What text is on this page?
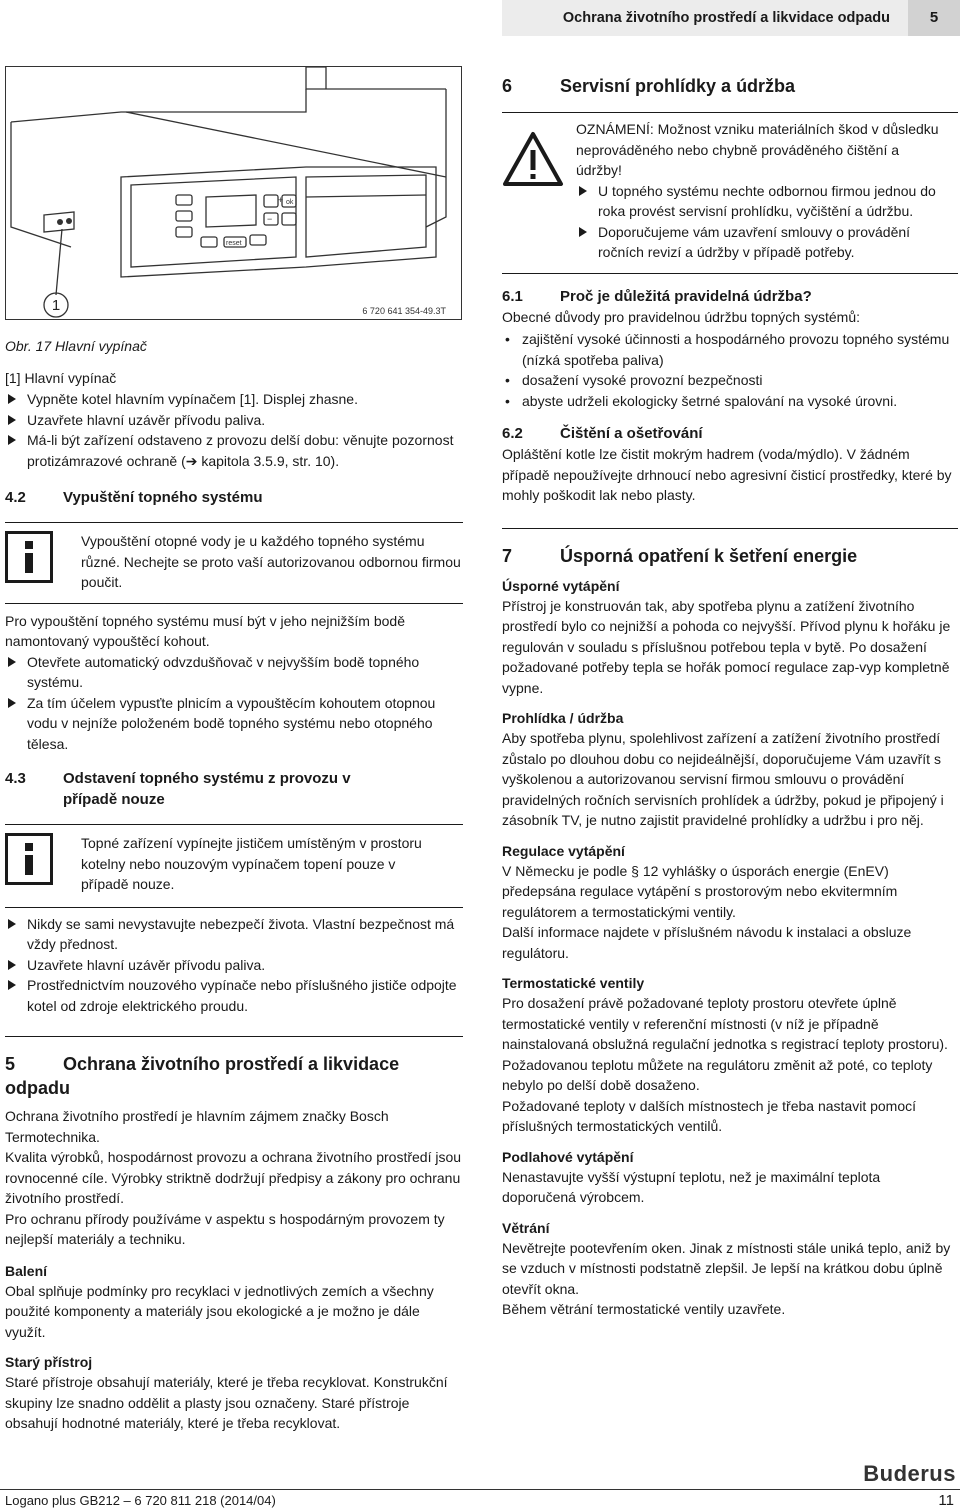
Ochrana životního prostředí a likvidace odpadu	5
1
+ ok
−
reset
6 720 641 354-49.3T

Obr. 17 Hlavní vypínač

[1] Hlavní vypínač

Vypněte kotel hlavním vypínačem [1]. Displej zhasne.
Uzavřete hlavní uzávěr přívodu paliva.
Má-li být zařízení odstaveno z provozu delší dobu: věnujte pozornost protizámrazové ochraně (➔ kapitola 3.5.9, str. 10).
4.2 Vypuštění topného systému

Vypouštění otopné vody je u každého topného systému různé. Nechejte se proto vaší autorizovanou odbornou firmou poučit.

Pro vypouštění topného systému musí být v jeho nejnižším bodě namontovaný vypouštěcí kohout.

Otevřete automatický odvzdušňovač v nejvyšším bodě topného systému.
Za tím účelem vypusťte plnicím a vypouštěcím kohoutem otopnou vodu v nejníže položeném bodě topného systému nebo otopného tělesa.
4.3	Odstavení topného systému z provozu v případě nouze

Topné zařízení vypínejte jističem umístěným v prostoru kotelny nebo nouzovým vypínačem topení pouze v případě nouze.

Nikdy se sami nevystavujte nebezpečí života. Vlastní bezpečnost má vždy přednost.
Uzavřete hlavní uzávěr přívodu paliva.
Prostřednictvím nouzového vypínače nebo příslušného jističe odpojte kotel od zdroje elektrického proudu.
5	Ochrana životního prostředí a likvidace odpadu

Ochrana životního prostředí je hlavním zájmem značky Bosch Termotechnika.

Kvalita výrobků, hospodárnost provozu a ochrana životního prostředí jsou rovnocenné cíle. Výrobky striktně dodržují předpisy a zákony pro ochranu životního prostředí.

Pro ochranu přírody používáme v aspektu s hospodárným provozem ty nejlepší materiály a techniku.

Balení

Obal splňuje podmínky pro recyklaci v jednotlivých zemích a všechny použité komponenty a materiály jsou ekologické a je možno je dále využít.

Starý přístroj

Staré přístroje obsahují materiály, které je třeba recyklovat. Konstrukční skupiny lze snadno oddělit a plasty jsou označeny. Staré přístroje obsahují hodnotné materiály, které je třeba recyklovat.

6	Servisní prohlídky a údržba

OZNÁMENÍ: Možnost vzniku materiálních škod v důsledku neprováděného nebo chybně prováděného čištění a údržby!

U topného systému nechte odbornou firmou jednou do roka provést servisní prohlídku, vyčištění a údržbu.
Doporučujeme vám uzavření smlouvy o provádění ročních revizí a údržby v případě potřeby.
6.1 Proč je důležitá pravidelná údržba?

Obecné důvody pro pravidelnou údržbu topných systémů:

• zajištění vysoké účinnosti a hospodárného provozu topného systému (nízká spotřeba paliva)
• dosažení vysoké provozní bezpečnosti
• abyste udrželi ekologicky šetrné spalování na vysoké úrovni.
6.2 Čištění a ošetřování

Opláštění kotle lze čistit mokrým hadrem (voda/mýdlo). V žádném případě nepoužívejte drhnoucí nebo agresivní čisticí prostředky, které by mohly poškodit lak nebo plasty.

7	Úsporná opatření k šetření energie
Úsporné vytápění

Přístroj je konstruován tak, aby spotřeba plynu a zatížení životního prostředí bylo co nejnižší a pohoda co nejvyšší. Přívod plynu k hořáku je regulován v souladu s příslušnou potřebou tepla v bytě. Po dosažení požadované potřeby tepla se hořák pomocí regulace zap-vyp kompletně vypne.

Prohlídka / údržba

Aby spotřeba plynu, spolehlivost zařízení a zatížení životního prostředí zůstalo po dlouhou dobu co nejideálnější, doporučujeme Vám uzavřít s vyškolenou a autorizovanou servisní firmou smlouvu o provádění pravidelných ročních servisních prohlídek a údržby, pokud je připojený i zásobník TV, je nutno zajistit pravidelné prohlídky a udržbu i pro něj.

Regulace vytápění

V Německu je podle § 12 vyhlášky o úsporách energie (EnEV) předepsána regulace vytápění s prostorovým nebo ekvitermním regulátorem a termostatickými ventily.

Další informace najdete v příslušném návodu k instalaci a obsluze regulátoru.

Termostatické ventily

Pro dosažení právě požadované teploty prostoru otevřete úplně termostatické ventily v referenční místnosti (v níž je případně nainstalovaná obslužná regulační jednotka s registrací teploty prostoru). Požadovanou teplotu můžete na regulátoru změnit až poté, co teploty nebylo po delší době dosaženo.

Požadované teploty v dalších místnostech je třeba nastavit pomocí příslušných termostatických ventilů.

Podlahové vytápění

Nenastavujte vyšší výstupní teplotu, než je maximální teplota doporučená výrobcem.

Větrání

Nevětrejte pootevřením oken. Jinak z místnosti stále uniká teplo, aniž by se vzduch v místnosti podstatně zlepšil. Je lepší na krátkou dobu úplně otevřít okna.

Během větrání termostatické ventily uzavřete.

Buderus
Logano plus GB212 – 6 720 811 218 (2014/04)	11
